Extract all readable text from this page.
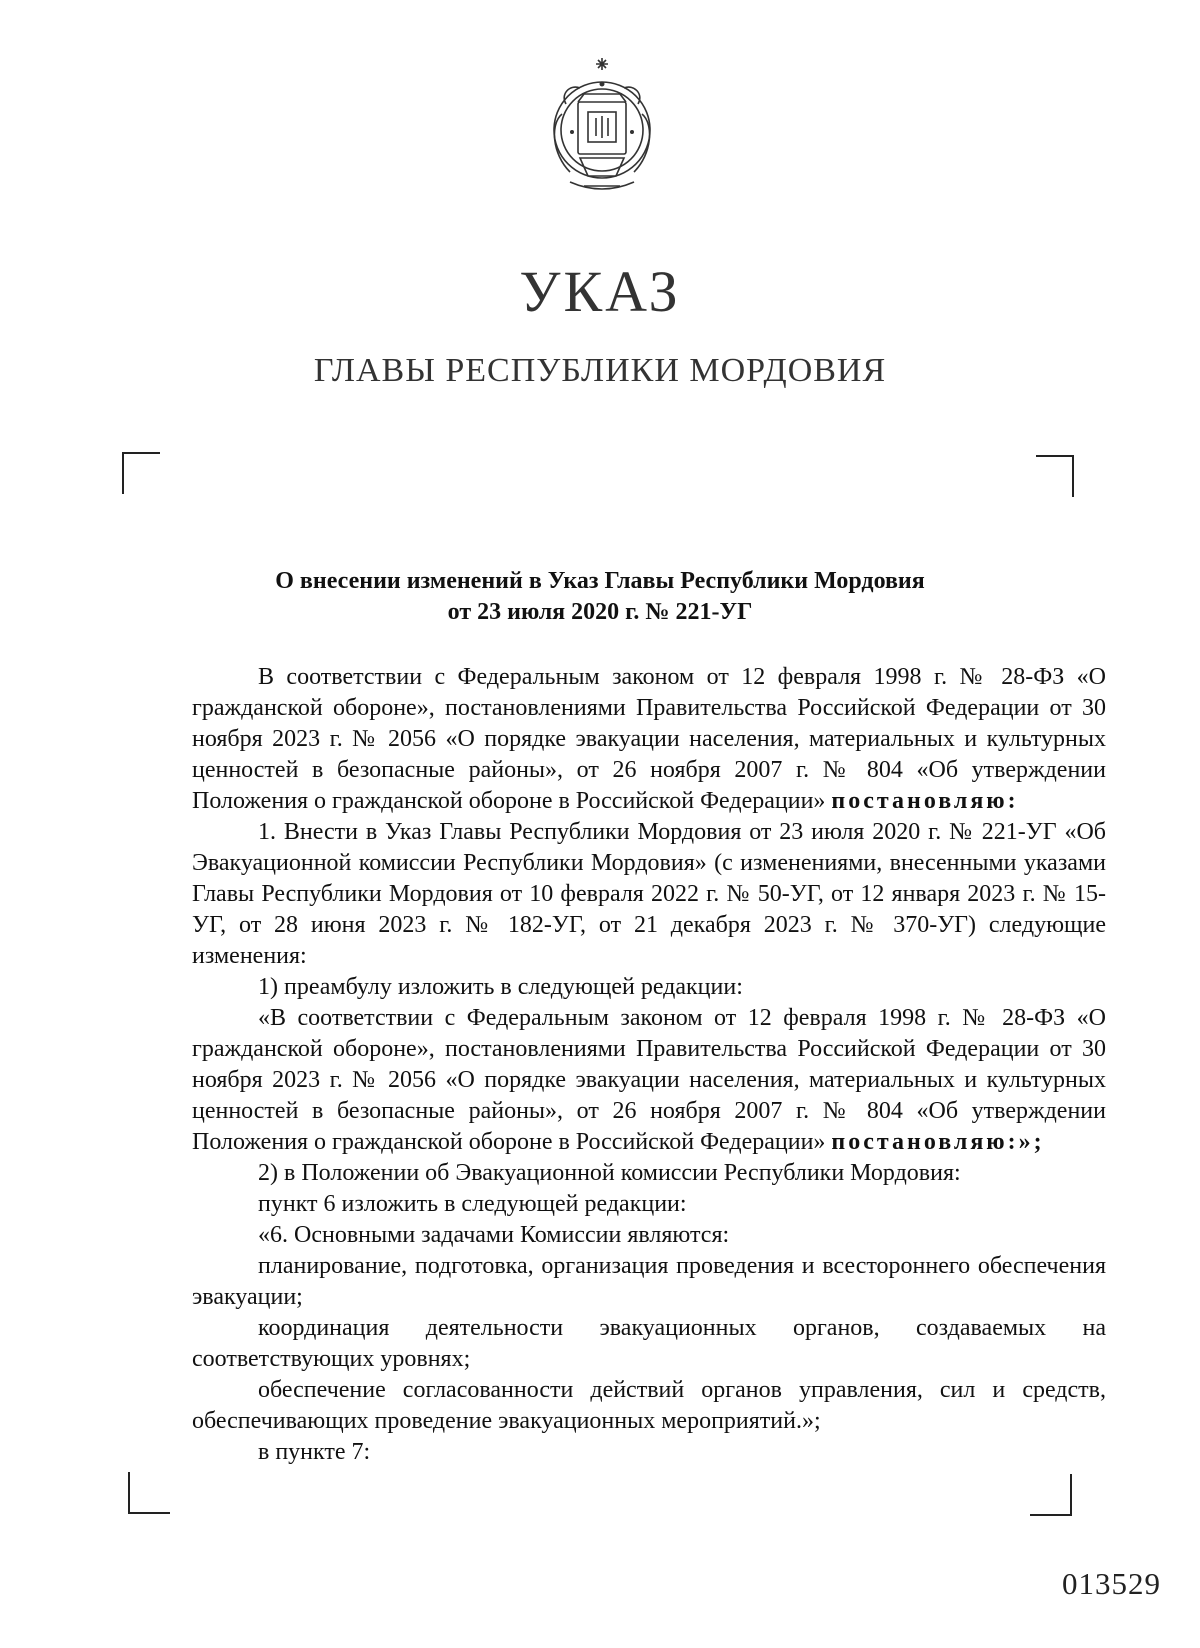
УКАЗ
ГЛАВЫ РЕСПУБЛИКИ МОРДОВИЯ
О внесении изменений в Указ Главы Республики Мордовия
от 23 июля 2020 г. № 221-УГ

В соответствии с Федеральным законом от 12 февраля 1998 г. № 28-ФЗ «О гражданской обороне», постановлениями Правительства Российской Федерации от 30 ноября 2023 г. № 2056 «О порядке эвакуации населения, материальных и культурных ценностей в безопасные районы», от 26 ноября 2007 г. № 804 «Об утверждении Положения о гражданской обороне в Российской Федерации» постановляю:

1. Внести в Указ Главы Республики Мордовия от 23 июля 2020 г. № 221-УГ «Об Эвакуационной комиссии Республики Мордовия» (с изменениями, внесенными указами Главы Республики Мордовия от 10 февраля 2022 г. № 50-УГ, от 12 января 2023 г. № 15-УГ, от 28 июня 2023 г. № 182-УГ, от 21 декабря 2023 г. № 370-УГ) следующие изменения:

1) преамбулу изложить в следующей редакции:

«В соответствии с Федеральным законом от 12 февраля 1998 г. № 28-ФЗ «О гражданской обороне», постановлениями Правительства Российской Федерации от 30 ноября 2023 г. № 2056 «О порядке эвакуации населения, материальных и культурных ценностей в безопасные районы», от 26 ноября 2007 г. № 804 «Об утверждении Положения о гражданской обороне в Российской Федерации» постановляю:»;

2) в Положении об Эвакуационной комиссии Республики Мордовия:

пункт 6 изложить в следующей редакции:

«6. Основными задачами Комиссии являются:

планирование, подготовка, организация проведения и всестороннего обеспечения эвакуации;

координация деятельности эвакуационных органов, создаваемых на соответствующих уровнях;

обеспечение согласованности действий органов управления, сил и средств, обеспечивающих проведение эвакуационных мероприятий.»;

в пункте 7:

013529
